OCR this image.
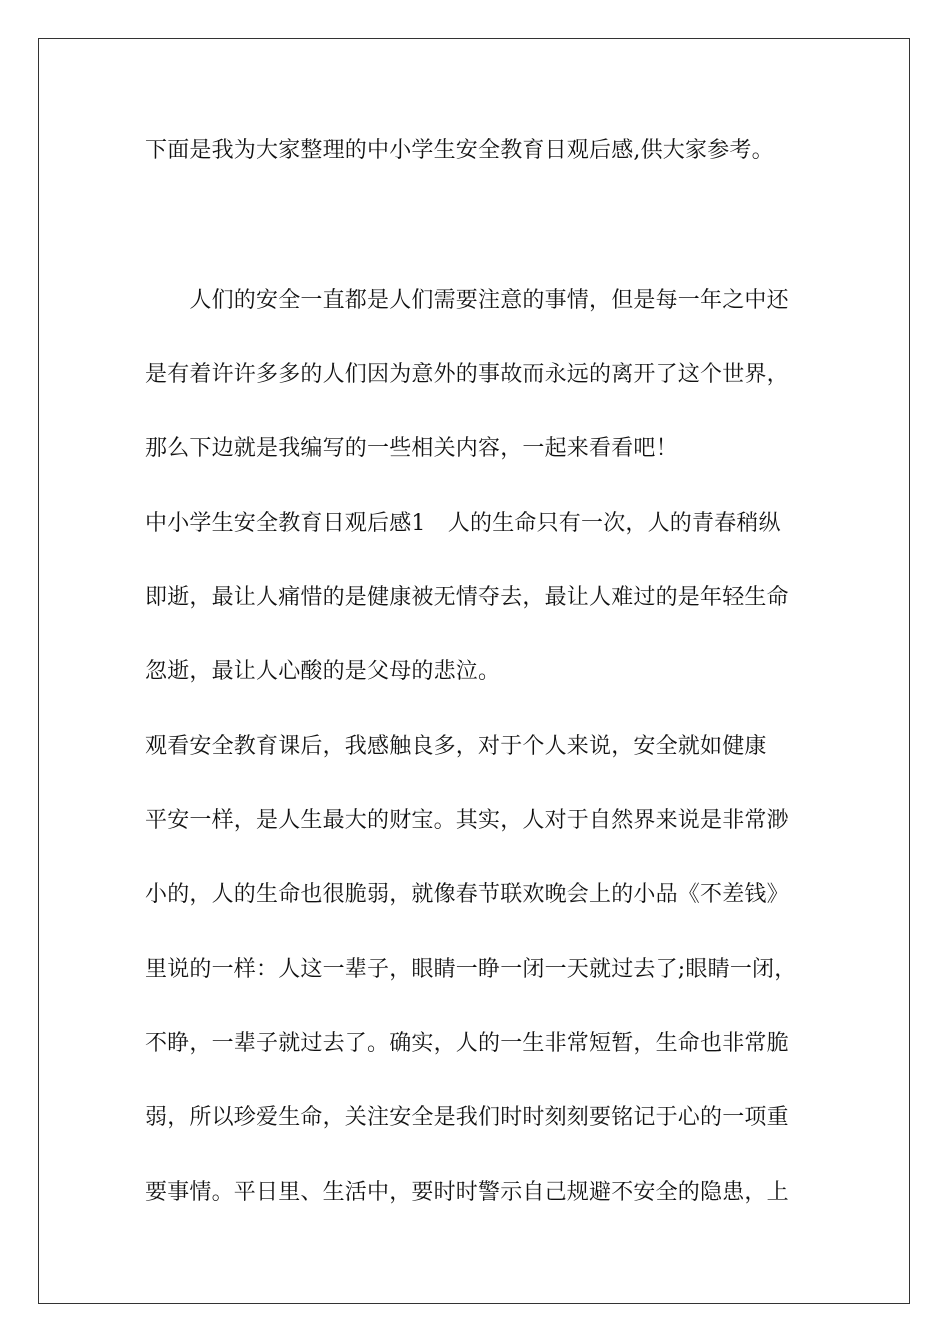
下面是我为大家整理的中小学生安全教育日观后感,供大家参考。
　　人们的安全一直都是人们需要注意的事情，但是每一年之中还
是有着许许多多的人们因为意外的事故而永远的离开了这个世界，
那么下边就是我编写的一些相关内容，一起来看看吧！
中小学生安全教育日观后感1　人的生命只有一次，人的青春稍纵
即逝，最让人痛惜的是健康被无情夺去，最让人难过的是年轻生命
忽逝，最让人心酸的是父母的悲泣。
观看安全教育课后，我感触良多，对于个人来说，安全就如健康
平安一样，是人生最大的财宝。其实，人对于自然界来说是非常渺
小的，人的生命也很脆弱，就像春节联欢晚会上的小品《不差钱》
里说的一样：人这一辈子，眼睛一睁一闭一天就过去了;眼睛一闭，
不睁，一辈子就过去了。确实，人的一生非常短暂，生命也非常脆
弱，所以珍爱生命，关注安全是我们时时刻刻要铭记于心的一项重
要事情。平日里、生活中，要时时警示自己规避不安全的隐患，上
